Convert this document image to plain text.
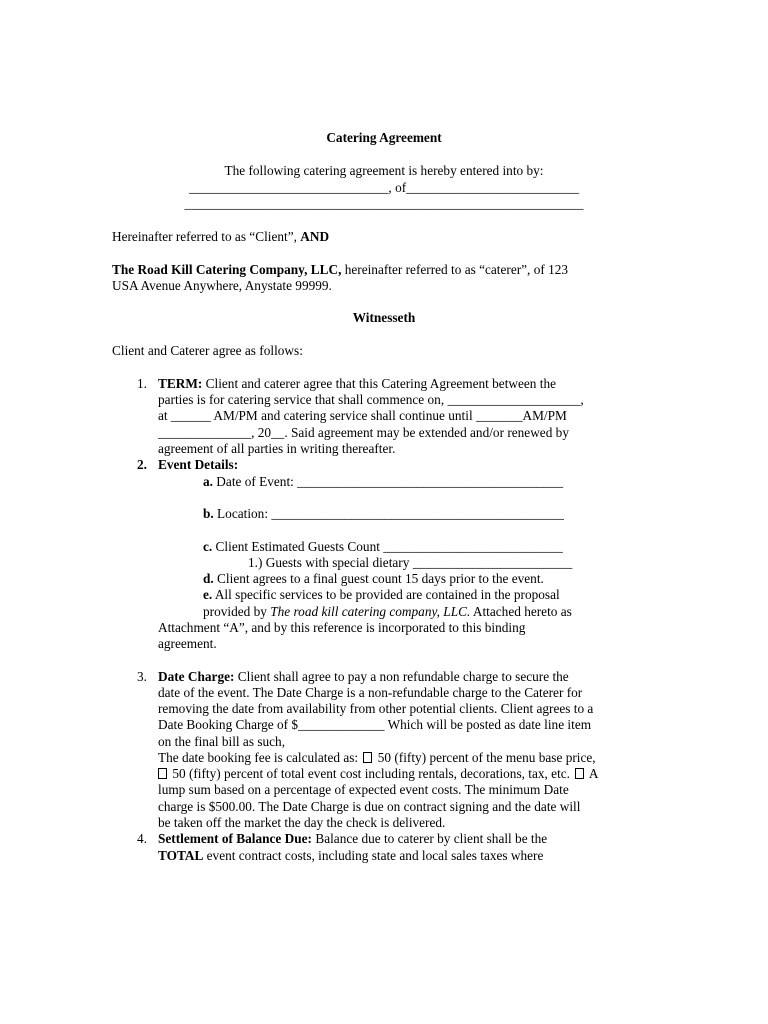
Catering Agreement
The following catering agreement is hereby entered into by:
______________________________, of__________________________
____________________________________________________________
Hereinafter referred to as “Client”, AND
The Road Kill Catering Company, LLC, hereinafter referred to as “caterer”, of 123
USA Avenue Anywhere, Anystate 99999.
Witnesseth
Client and Caterer agree as follows:
1. TERM: Client and caterer agree that this Catering Agreement between the
parties is for catering service that shall commence on, ____________________,
at ______ AM/PM and catering service shall continue until _______AM/PM
______________, 20__. Said agreement may be extended and/or renewed by
agreement of all parties in writing thereafter.
2. Event Details:
a. Date of Event: ________________________________________
b. Location: ____________________________________________
c. Client Estimated Guests Count ___________________________
1.) Guests with special dietary ________________________
d. Client agrees to a final guest count 15 days prior to the event.
e. All specific services to be provided are contained in the proposal
provided by The road kill catering company, LLC. Attached hereto as
Attachment “A”, and by this reference is incorporated to this binding
agreement.
3. Date Charge: Client shall agree to pay a non refundable charge to secure the
date of the event. The Date Charge is a non-refundable charge to the Caterer for
removing the date from availability from other potential clients. Client agrees to a
Date Booking Charge of $_____________ Which will be posted as date line item
on the final bill as such,
The date booking fee is calculated as:  50 (fifty) percent of the menu base price,
50 (fifty) percent of total event cost including rentals, decorations, tax, etc.  A
lump sum based on a percentage of expected event costs. The minimum Date
charge is $500.00. The Date Charge is due on contract signing and the date will
be taken off the market the day the check is delivered.
4. Settlement of Balance Due: Balance due to caterer by client shall be the
TOTAL event contract costs, including state and local sales taxes where
